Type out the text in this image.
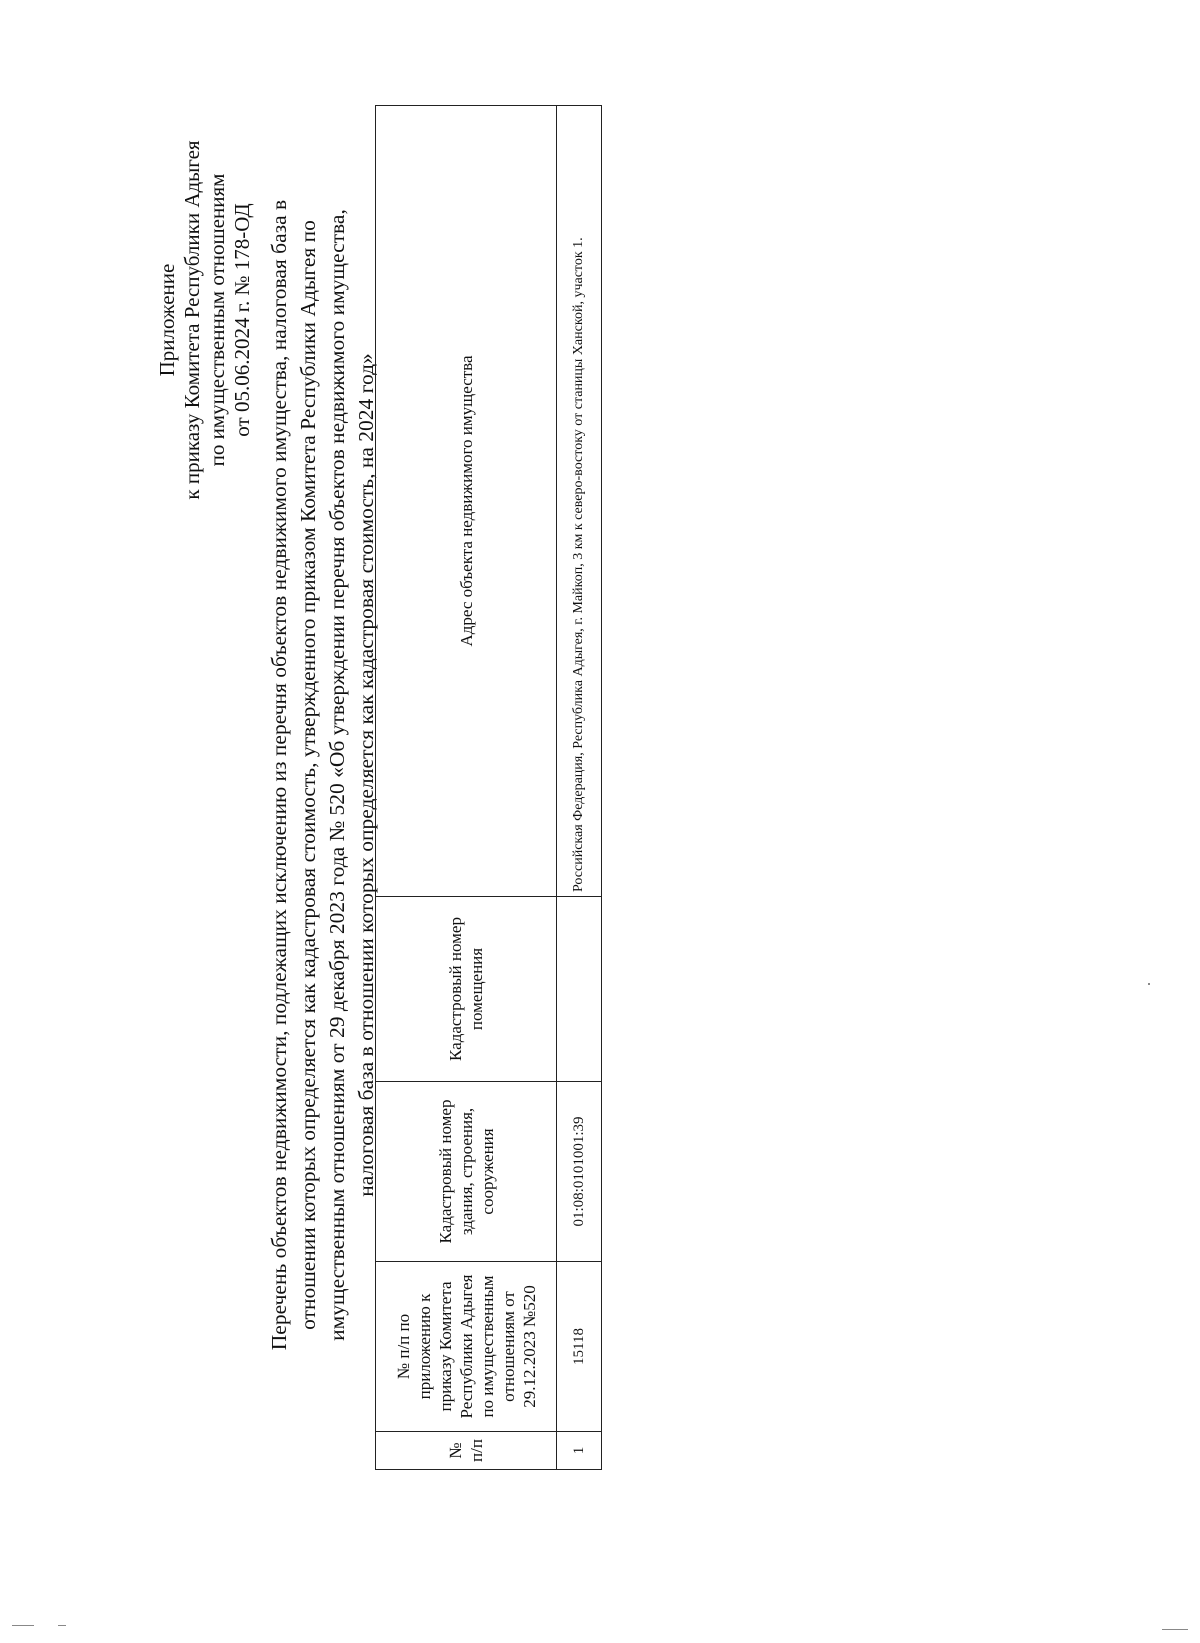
Приложение к приказу Комитета Республики Адыгея по имущественным отношениям от 05.06.2024 г. № 178-ОД Перечень объектов недвижимости, подлежащих исключению из перечня объектов недвижимого имущества, налоговая база в отношении которых определяется как кадастровая стоимость, утвержденного приказом Комитета Республики Адыгея по имущественным отношениям от 29 декабря 2023 года № 520 «Об утверждении перечня объектов недвижимого имущества, налоговая база в отношении которых определяется как кадастровая стоимость, на 2024 год»
№ п/п	№ п/п по приложению к приказу Комитета Республики Адыгея по имущественным отношениям от 29.12.2023 №520	Кадастровый номер здания, строения, сооружения	Кадастровый номер помещения	Адрес объекта недвижимого имущества
1	15118	01:08:0101001:39		Российская Федерация, Республика Адыгея, г. Майкоп, 3 км к северо-востоку от станицы Ханской, участок 1.
